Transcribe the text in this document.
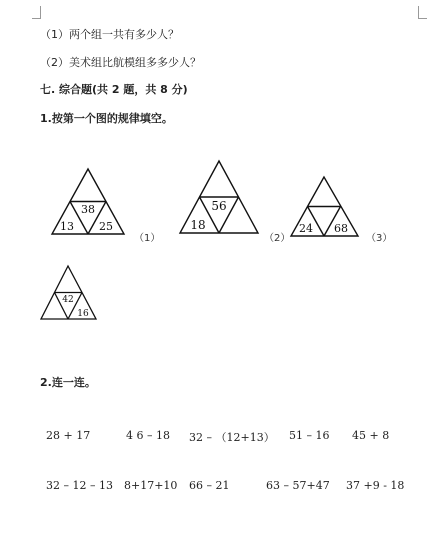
（1）两个组一共有多少人？
（2）美术组比航模组多多少人？
七. 综合题(共 2 题，共 8 分)
1.按第一个图的规律填空。
38
13 25
（1）
56
18
（2）
24 68
（3）
42
16
2.连一连。
28 + 17	4 6 – 18 32 – （12+13） 51 – 16 45 + 8
32 – 12 – 13 8+17+10 66 – 21	63 – 57+47 37 +9 - 18
